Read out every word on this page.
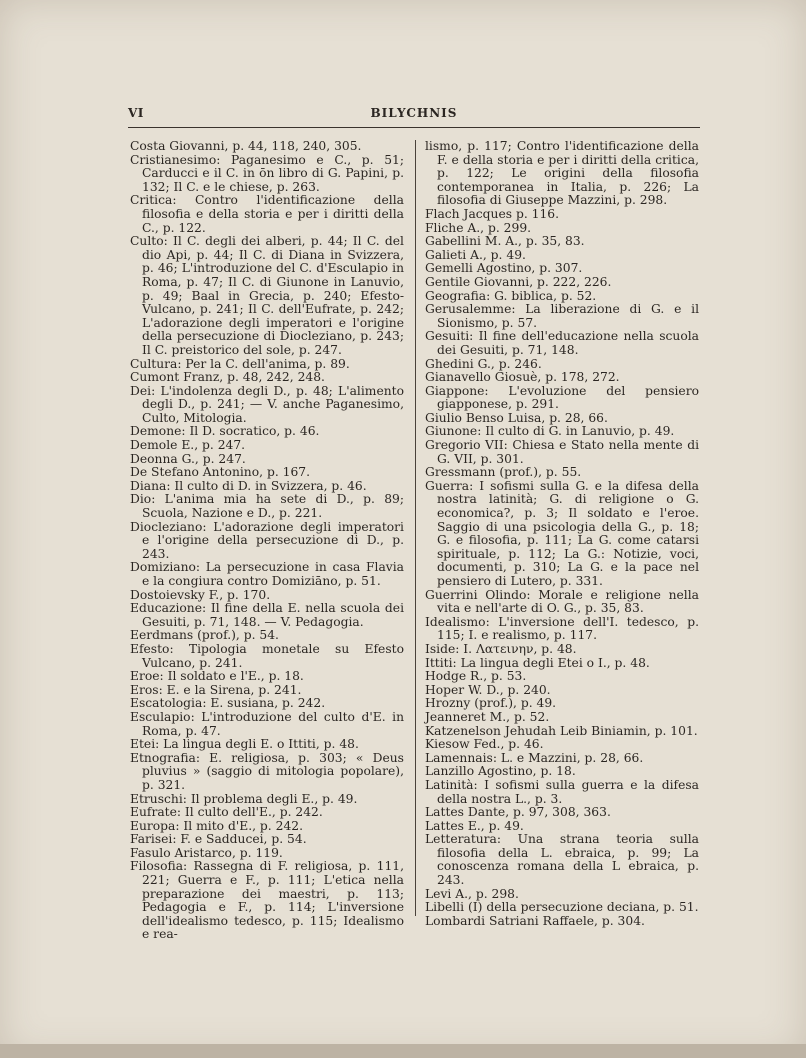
VI	BILYCHNIS

Costa Giovanni, p. 44, 118, 240, 305.

Cristianesimo: Paganesimo e C., p. 51; Carducci e il C. in ōn libro di G. Papini, p. 132; Il C. e le chiese, p. 263.

Critica: Contro l'identificazione della filosofia e della storia e per i diritti della C., p. 122.

Culto: Il C. degli dei alberi, p. 44; Il C. del dio Api, p. 44; Il C. di Diana in Svizzera, p. 46; L'introduzione del C. d'Esculapio in Roma, p. 47; Il C. di Giunone in Lanuvio, p. 49; Baal in Grecia, p. 240; Efesto-Vulcano, p. 241; Il C. dell'Eufrate, p. 242; L'adorazione degli imperatori e l'origine della persecuzione di Diocleziano, p. 243; Il C. preistorico del sole, p. 247.

Cultura: Per la C. dell'anima, p. 89.

Cumont Franz, p. 48, 242, 248.

Dei: L'indolenza degli D., p. 48; L'alimento degli D., p. 241; — V. anche Paganesimo, Culto, Mitologia.

Demone: Il D. socratico, p. 46.

Demole E., p. 247.

Deonna G., p. 247.

De Stefano Antonino, p. 167.

Diana: Il culto di D. in Svizzera, p. 46.

Dio: L'anima mia ha sete di D., p. 89; Scuola, Nazione e D., p. 221.

Diocleziano: L'adorazione degli imperatori e l'origine della persecuzione di D., p. 243.

Domiziano: La persecuzione in casa Flavia e la congiura contro Domiziāno, p. 51.

Dostoievsky F., p. 170.

Educazione: Il fine della E. nella scuola dei Gesuiti, p. 71, 148. — V. Pedagogia.

Eerdmans (prof.), p. 54.

Efesto: Tipologia monetale su Efesto Vulcano, p. 241.

Eroe: Il soldato e l'E., p. 18.

Eros: E. e la Sirena, p. 241.

Escatologia: E. susiana, p. 242.

Esculapio: L'introduzione del culto d'E. in Roma, p. 47.

Etei: La lingua degli E. o Ittiti, p. 48.

Etnografia: E. religiosa, p. 303; « Deus pluvius » (saggio di mitologia popolare), p. 321.

Etruschi: Il problema degli E., p. 49.

Eufrate: Il culto dell'E., p. 242.

Europa: Il mito d'E., p. 242.

Farisei: F. e Sadducei, p. 54.

Fasulo Aristarco, p. 119.

Filosofia: Rassegna di F. religiosa, p. 111, 221; Guerra e F., p. 111; L'etica nella preparazione dei maestri, p. 113; Pedagogia e F., p. 114; L'inversione dell'idealismo tedesco, p. 115; Idealismo e rea-

lismo, p. 117; Contro l'identificazione della F. e della storia e per i diritti della critica, p. 122; Le origini della filosofia contemporanea in Italia, p. 226; La filosofia di Giuseppe Mazzini, p. 298.

Flach Jacques p. 116.

Fliche A., p. 299.

Gabellini M. A., p. 35, 83.

Galieti A., p. 49.

Gemelli Agostino, p. 307.

Gentile Giovanni, p. 222, 226.

Geografia: G. biblica, p. 52.

Gerusalemme: La liberazione di G. e il Sionismo, p. 57.

Gesuiti: Il fine dell'educazione nella scuola dei Gesuiti, p. 71, 148.

Ghedini G., p. 246.

Gianavello Giosuè, p. 178, 272.

Giappone: L'evoluzione del pensiero giapponese, p. 291.

Giulio Benso Luisa, p. 28, 66.

Giunone: Il culto di G. in Lanuvio, p. 49.

Gregorio VII: Chiesa e Stato nella mente di G. VII, p. 301.

Gressmann (prof.), p. 55.

Guerra: I sofismi sulla G. e la difesa della nostra latinità; G. di religione o G. economica?, p. 3; Il soldato e l'eroe. Saggio di una psicologia della G., p. 18; G. e filosofia, p. 111; La G. come catarsi spirituale, p. 112; La G.: Notizie, voci, documenti, p. 310; La G. e la pace nel pensiero di Lutero, p. 331.

Guerrini Olindo: Morale e religione nella vita e nell'arte di O. G., p. 35, 83.

Idealismo: L'inversione dell'I. tedesco, p. 115; I. e realismo, p. 117.

Iside: I. Λατεινην, p. 48.

Ittiti: La lingua degli Etei o I., p. 48.

Hodge R., p. 53.

Hoper W. D., p. 240.

Hrozny (prof.), p. 49.

Jeanneret M., p. 52.

Katzenelson Jehudah Leib Biniamin, p. 101.

Kiesow Fed., p. 46.

Lamennais: L. e Mazzini, p. 28, 66.

Lanzillo Agostino, p. 18.

Latinità: I sofismi sulla guerra e la difesa della nostra L., p. 3.

Lattes Dante, p. 97, 308, 363.

Lattes E., p. 49.

Letteratura: Una strana teoria sulla filosofia della L. ebraica, p. 99; La conoscenza romana della L ebraica, p. 243.

Levi A., p. 298.

Libelli (I) della persecuzione deciana, p. 51.

Lombardi Satriani Raffaele, p. 304.
